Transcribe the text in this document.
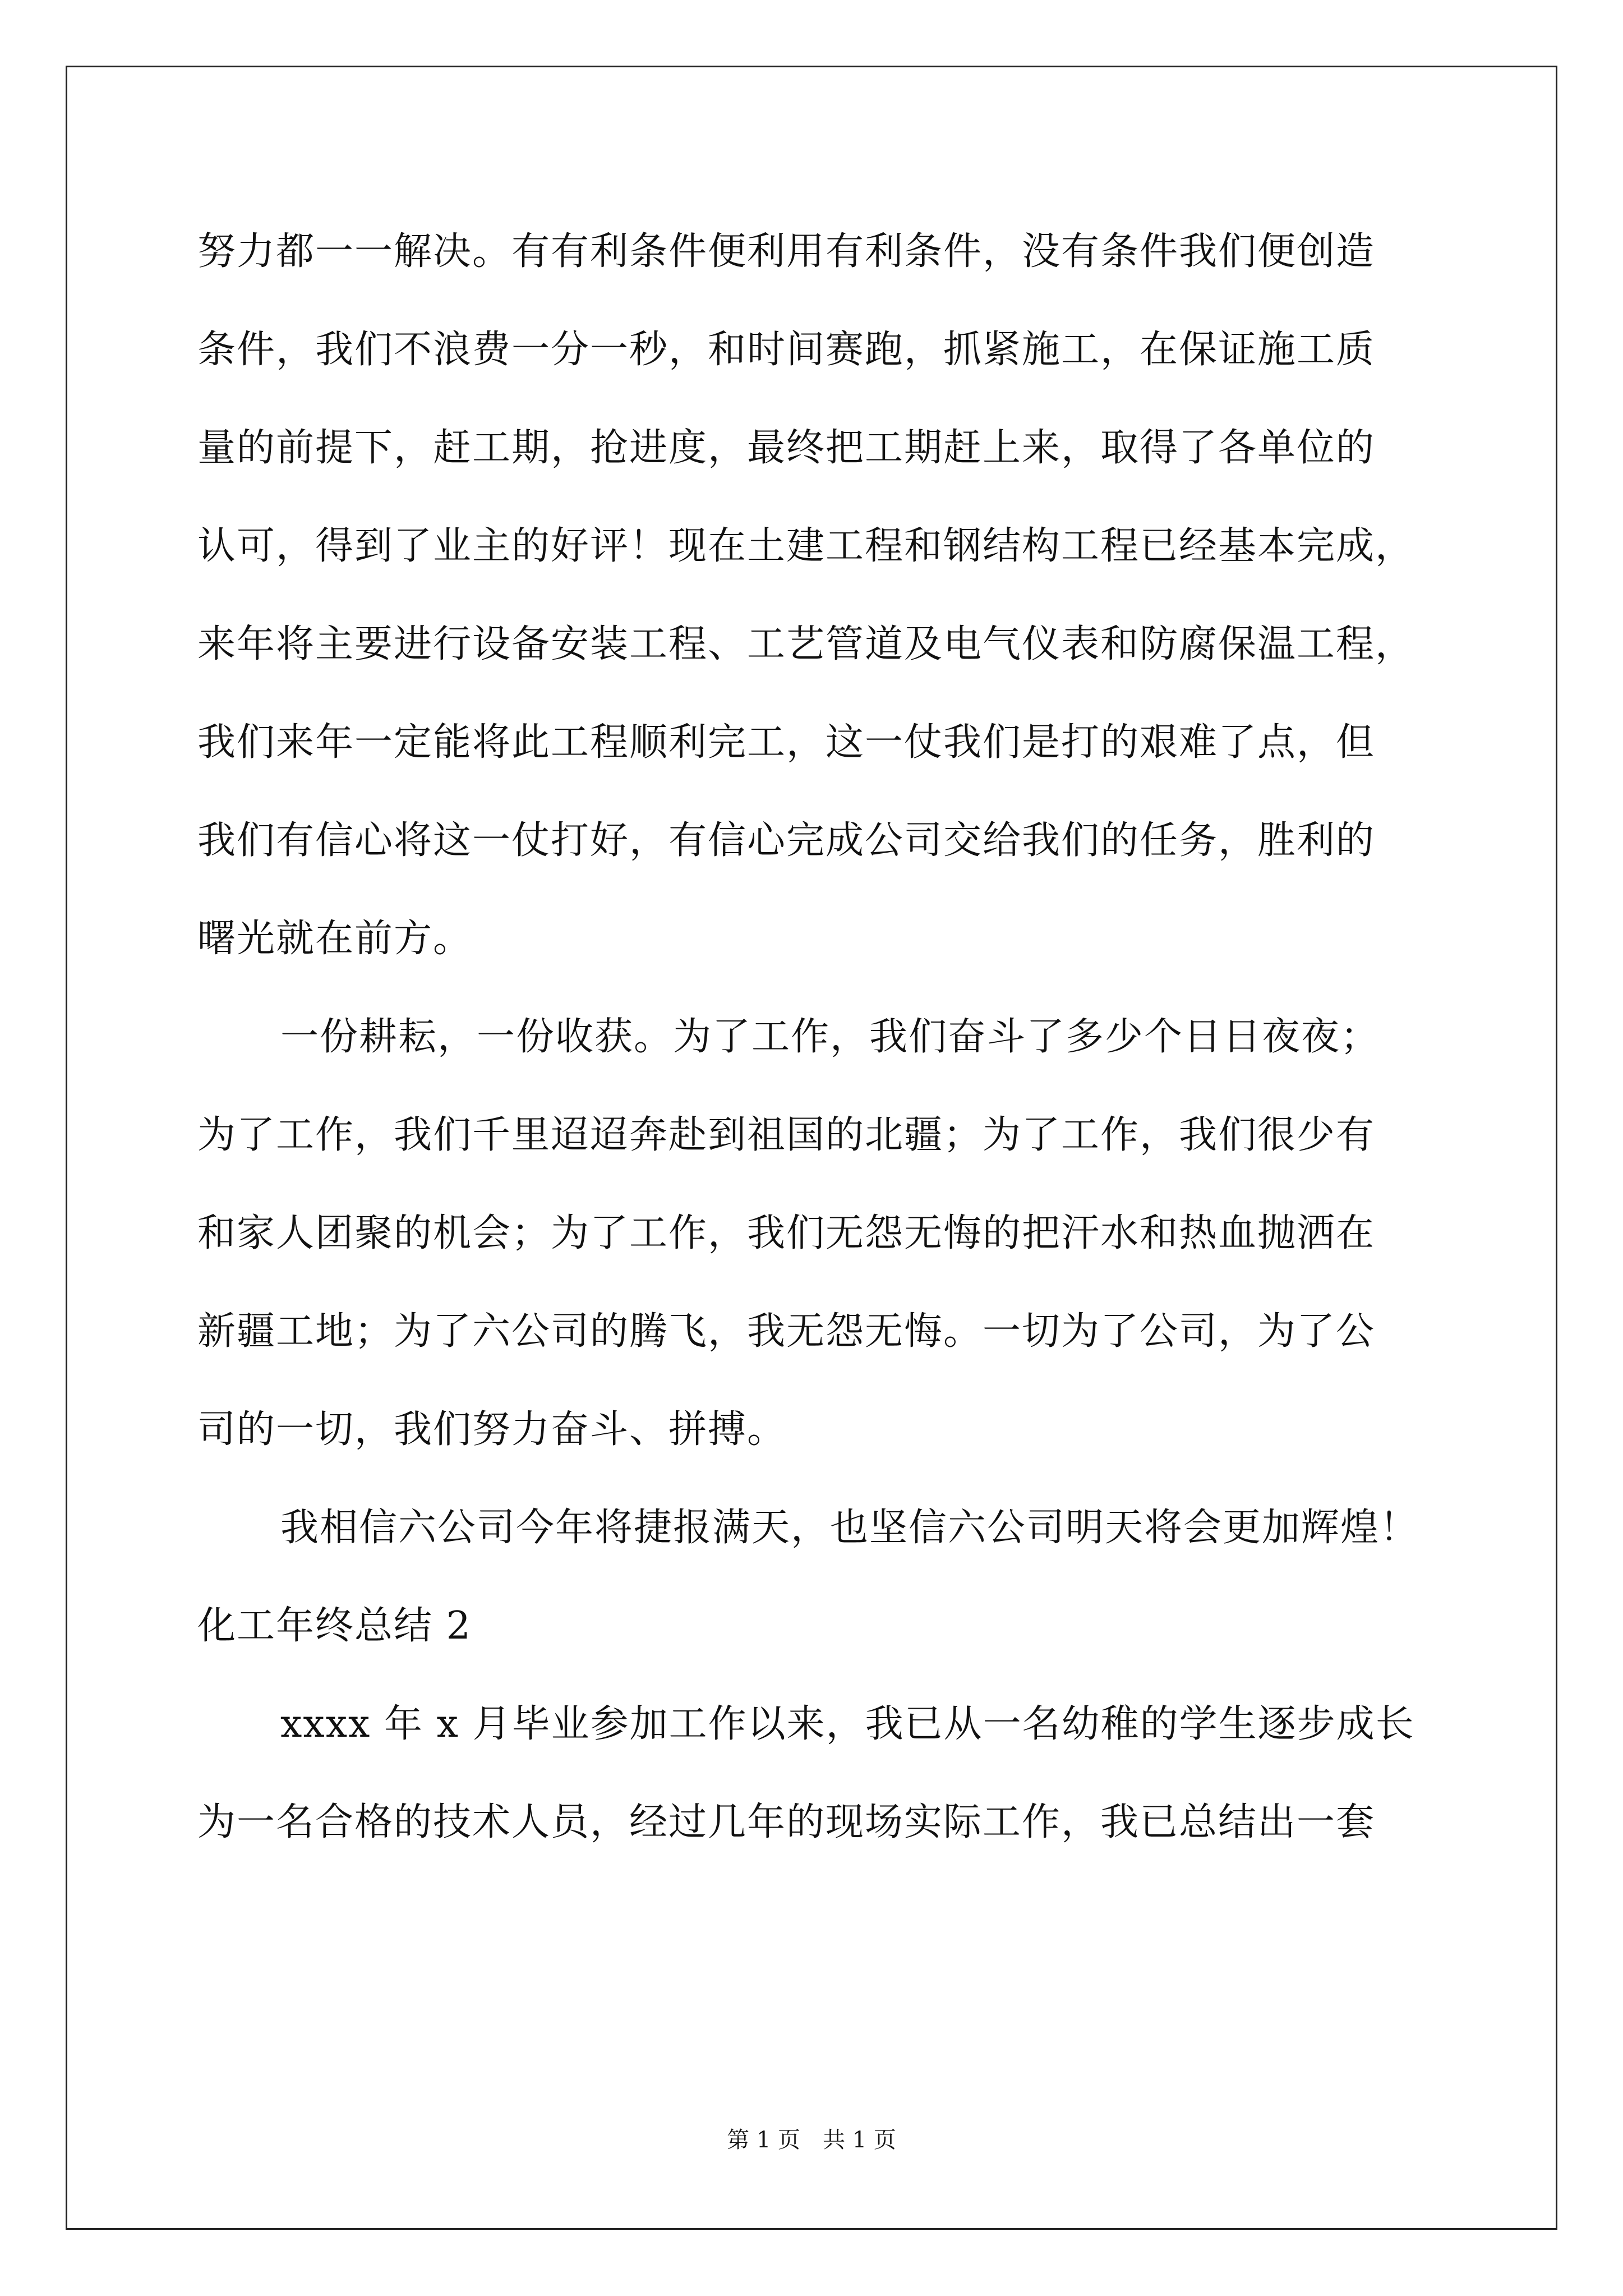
努力都一一解决。有有利条件便利用有利条件，没有条件我们便创造
条件，我们不浪费一分一秒，和时间赛跑，抓紧施工，在保证施工质
量的前提下，赶工期，抢进度，最终把工期赶上来，取得了各单位的
认可，得到了业主的好评！现在土建工程和钢结构工程已经基本完成，
来年将主要进行设备安装工程、工艺管道及电气仪表和防腐保温工程，
我们来年一定能将此工程顺利完工，这一仗我们是打的艰难了点，但
我们有信心将这一仗打好，有信心完成公司交给我们的任务，胜利的
曙光就在前方。
一份耕耘，一份收获。为了工作，我们奋斗了多少个日日夜夜；
为了工作，我们千里迢迢奔赴到祖国的北疆；为了工作，我们很少有
和家人团聚的机会；为了工作，我们无怨无悔的把汗水和热血抛洒在
新疆工地；为了六公司的腾飞，我无怨无悔。一切为了公司，为了公
司的一切，我们努力奋斗、拼搏。
我相信六公司今年将捷报满天，也坚信六公司明天将会更加辉煌！
化工年终总结 2
xxxx 年 x 月毕业参加工作以来，我已从一名幼稚的学生逐步成长
为一名合格的技术人员，经过几年的现场实际工作，我已总结出一套
第 1 页　共 1 页
